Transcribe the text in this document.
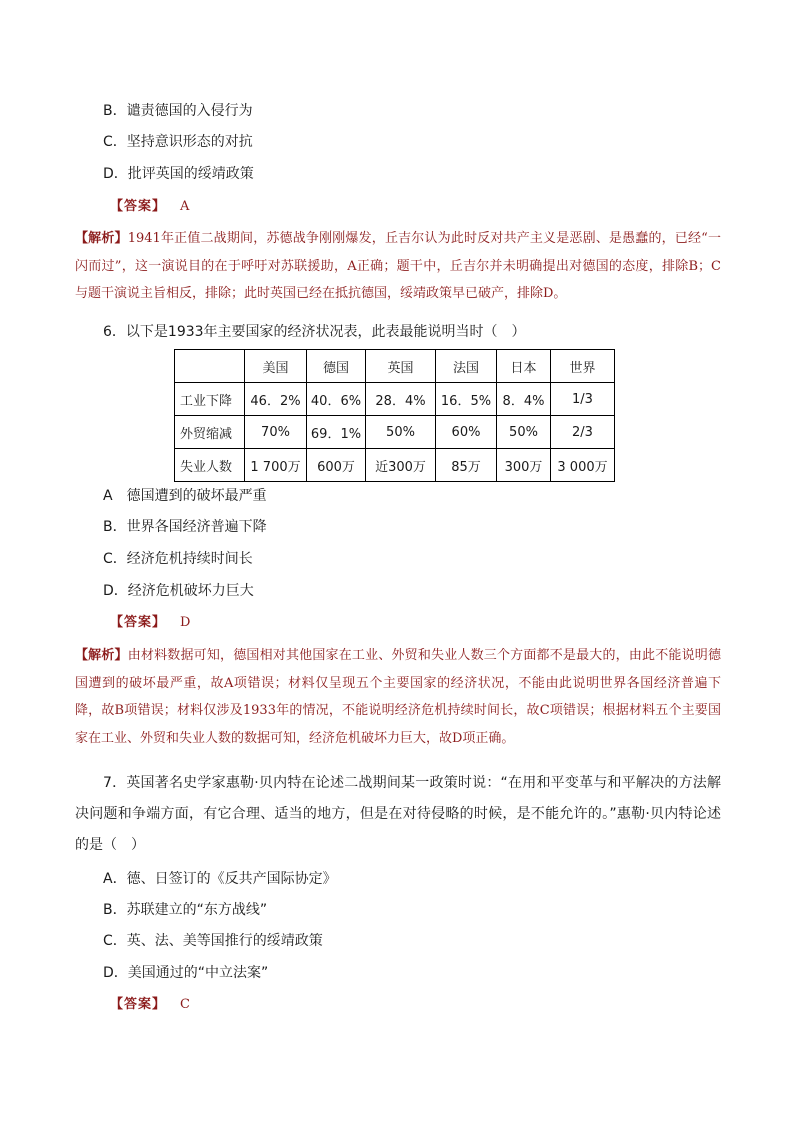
B．谴责德国的入侵行为
C．坚持意识形态的对抗
D．批评英国的绥靖政策
【答案】 A
【解析】1941年正值二战期间，苏德战争刚刚爆发，丘吉尔认为此时反对共产主义是恶剧、是愚蠢的，已经“一闪而过”，这一演说目的在于呼吁对苏联援助，A正确；题干中，丘吉尔并未明确提出对德国的态度，排除B；C与题干演说主旨相反，排除；此时英国已经在抵抗德国，绥靖政策早已破产，排除D。
6．以下是1933年主要国家的经济状况表，此表最能说明当时（　）
	美国	德国	英国	法国	日本	世界
工业下降	46．2%	40．6%	28．4%	16．5%	8．4%	1/3
外贸缩减	70%	69．1%	50%	60%	50%	2/3
失业人数	1 700万	600万	近300万	85万	300万	3 000万
A　德国遭到的破坏最严重
B．世界各国经济普遍下降
C．经济危机持续时间长
D．经济危机破坏力巨大
【答案】 D
【解析】由材料数据可知，德国相对其他国家在工业、外贸和失业人数三个方面都不是最大的，由此不能说明德国遭到的破坏最严重，故A项错误；材料仅呈现五个主要国家的经济状况，不能由此说明世界各国经济普遍下降，故B项错误；材料仅涉及1933年的情况，不能说明经济危机持续时间长，故C项错误；根据材料五个主要国家在工业、外贸和失业人数的数据可知，经济危机破坏力巨大，故D项正确。
7．英国著名史学家惠勒·贝内特在论述二战期间某一政策时说：“在用和平变革与和平解决的方法解决问题和争端方面，有它合理、适当的地方，但是在对待侵略的时候，是不能允许的。”惠勒·贝内特论述的是（　）
A．德、日签订的《反共产国际协定》
B．苏联建立的“东方战线”
C．英、法、美等国推行的绥靖政策
D．美国通过的“中立法案”
【答案】 C
